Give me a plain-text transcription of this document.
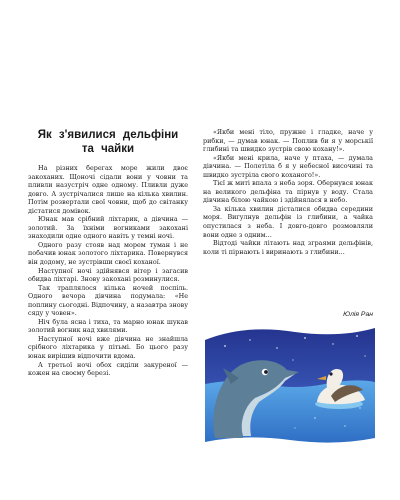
Як з'явилися дельфіни
та чайки

На різних берегах море жили двоє закоханих. Щоночі сідали вони у човни та пливли назустріч одне одному. Пливли дуже довго. А зустрічалися лише на кілька хвилин. Потім розвертали свої човни, щоб до світанку дістатися домівок.

Юнак мав срібний ліхтарик, а дівчина — золотий. За їхніми вогниками закохані знаходили одне одного навіть у темні ночі.

Одного разу стояв над морем туман і не побачив юнак золотого ліхтарика. Повернувся він додому, не зустрівши своєї коханої.

Наступної ночі здійнявся вітер і загасив обидва ліхтарі. Знову закохані розминулися.

Так траплялося кілька ночей поспіль. Одного вечора дівчина подумала: «Не поплину сьогодні. Відпочину, а назавтра знову сяду у човен».

Ніч була ясна і тиха, та марно юнак шукав золотий вогник над хвилями.

Наступної ночі вже дівчина не знайшла срібного ліхтарика у пітьмі. Бо цього разу юнак вирішив відпочити вдома.

А третьої ночі обох сиділи закуреної — кожен на своєму березі.

«Якби мені тіло, пружне і гладке, наче у рибки, — думав юнак. — Поплив би я у морськії глибині та швидко зустрів свою кохану!».

«Якби мені крила, наче у птаха, — думала дівчина. — Полетіла б я у небесної височині та швидко зустріла свого коханого!».

Тієї ж миті впала з неба зоря. Обернувся юнак на великого дельфіна та пірнув у воду. Стала дівчина білою чайкою і здійнялася в небо.

За кілька хвилин дісталися обидва середини моря. Вигулнув дельфін із глибини, а чайка опустилася з неба. І довго-довго розмовляли вони одне з одним...

Відтоді чайки літають над зграями дельфінів, коли ті пірнають і виринають з глибини...

Юлія Ран
